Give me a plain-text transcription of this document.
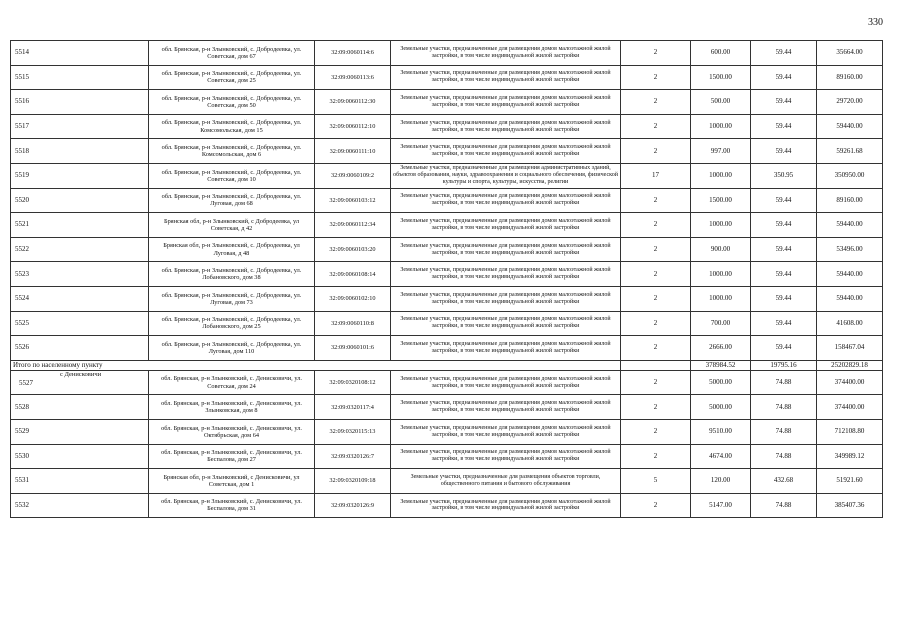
330
5514	обл. Брянская, р-н Злынковский, с. Добродеевка, ул. Советская, дом 67	32:09:0060114:6	Земельные участки, предназначенные для размещения домов малоэтажной жилой застройки, в том числе индивидуальной жилой застройки	2	600.00	59.44	35664.00
5515	обл. Брянская, р-н Злынковский, с. Добродеевка, ул. Советская, дом 25	32:09:0060113:6	Земельные участки, предназначенные для размещения домов малоэтажной жилой застройки, в том числе индивидуальной жилой застройки	2	1500.00	59.44	89160.00
5516	обл. Брянская, р-н Злынковский, с. Добродеевка, ул. Советская, дом 50	32:09:0060112:30	Земельные участки, предназначенные для размещения домов малоэтажной жилой застройки, в том числе индивидуальной жилой застройки	2	500.00	59.44	29720.00
5517	обл. Брянская, р-н Злынковский, с. Добродеевка, ул. Комсомольская, дом 15	32:09:0060112:10	Земельные участки, предназначенные для размещения домов малоэтажной жилой застройки, в том числе индивидуальной жилой застройки	2	1000.00	59.44	59440.00
5518	обл. Брянская, р-н Злынковский, с. Добродеевка, ул. Комсомольская, дом 6	32:09:0060111:10	Земельные участки, предназначенные для размещения домов малоэтажной жилой застройки, в том числе индивидуальной жилой застройки	2	997.00	59.44	59261.68
5519	обл. Брянская, р-н Злынковский, с. Добродеевка, ул. Советская, дом 10	32:09:0060109:2	Земельные участки, предназначенные для размещения административных зданий, объектов образования, науки, здравоохранения и социального обеспечения, физической культуры и спорта, культуры, искусства, религии	17	1000.00	350.95	350950.00
5520	обл. Брянская, р-н Злынковский, с. Добродеевка, ул. Луговая, дом 68	32:09:0060103:12	Земельные участки, предназначенные для размещения домов малоэтажной жилой застройки, в том числе индивидуальной жилой застройки	2	1500.00	59.44	89160.00
5521	Брянская обл, р-н Злынковский, с Добродеевка, ул Советская, д 42	32:09:0060112:34	Земельные участки, предназначенные для размещения домов малоэтажной жилой застройки, в том числе индивидуальной жилой застройки	2	1000.00	59.44	59440.00
5522	Брянская обл, р-н Злынковский, с. Добродеевка, ул Луговая, д 48	32:09:0060103:20	Земельные участки, предназначенные для размещения домов малоэтажной жилой застройки, в том числе индивидуальной жилой застройки	2	900.00	59.44	53496.00
5523	обл. Брянская, р-н Злынковский, с. Добродеевка, ул. Лобановского, дом 38	32:09:0060108:14	Земельные участки, предназначенные для размещения домов малоэтажной жилой застройки, в том числе индивидуальной жилой застройки	2	1000.00	59.44	59440.00
5524	обл. Брянская, р-н Злынковский, с. Добродеевка, ул. Луговая, дом 73	32:09:0060102:10	Земельные участки, предназначенные для размещения домов малоэтажной жилой застройки, в том числе индивидуальной жилой застройки	2	1000.00	59.44	59440.00
5525	обл. Брянская, р-н Злынковский, с. Добродеевка, ул. Лобановского, дом 25	32:09:0060110:8	Земельные участки, предназначенные для размещения домов малоэтажной жилой застройки, в том числе индивидуальной жилой застройки	2	700.00	59.44	41608.00
5526	обл. Брянская, р-н Злынковский, с. Добродеевка, ул. Луговая, дом 110	32:09:0060101:6	Земельные участки, предназначенные для размещения домов малоэтажной жилой застройки, в том числе индивидуальной жилой застройки	2	2666.00	59.44	158467.04
Итого по населенному пункту					378984.52	19795.16	25202829.18

с Денисковичи
5527	обл. Брянская, р-н Злынковский, с. Денисковичи, ул. Советская, дом 24	32:09:0320108:12	Земельные участки, предназначенные для размещения домов малоэтажной жилой застройки, в том числе индивидуальной жилой застройки	2	5000.00	74.88	374400.00
5528	обл. Брянская, р-н Злынковский, с. Денисковичи, ул. Злынковская, дом 8	32:09:0320117:4	Земельные участки, предназначенные для размещения домов малоэтажной жилой застройки, в том числе индивидуальной жилой застройки	2	5000.00	74.88	374400.00
5529	обл. Брянская, р-н Злынковский, с. Денисковичи, ул. Октябрьская, дом 64	32:09:0320115:13	Земельные участки, предназначенные для размещения домов малоэтажной жилой застройки, в том числе индивидуальной жилой застройки	2	9510.00	74.88	712108.80
5530	обл. Брянская, р-н Злынковский, с. Денисковичи, ул. Беспалова, дом 27	32:09:0320126:7	Земельные участки, предназначенные для размещения домов малоэтажной жилой застройки, в том числе индивидуальной жилой застройки	2	4674.00	74.88	349989.12
5531	Брянская обл, р-н Злынковский, с Денисковичи, ул Советская, дом 1	32:09:0320109:18	Земельные участки, предназначенные для размещения объектов торговли, общественного питания и бытового обслуживания	5	120.00	432.68	51921.60
5532	обл. Брянская, р-н Злынковский, с. Денисковичи, ул. Беспалова, дом 31	32:09:0320126:9	Земельные участки, предназначенные для размещения домов малоэтажной жилой застройки, в том числе индивидуальной жилой застройки	2	5147.00	74.88	385407.36
